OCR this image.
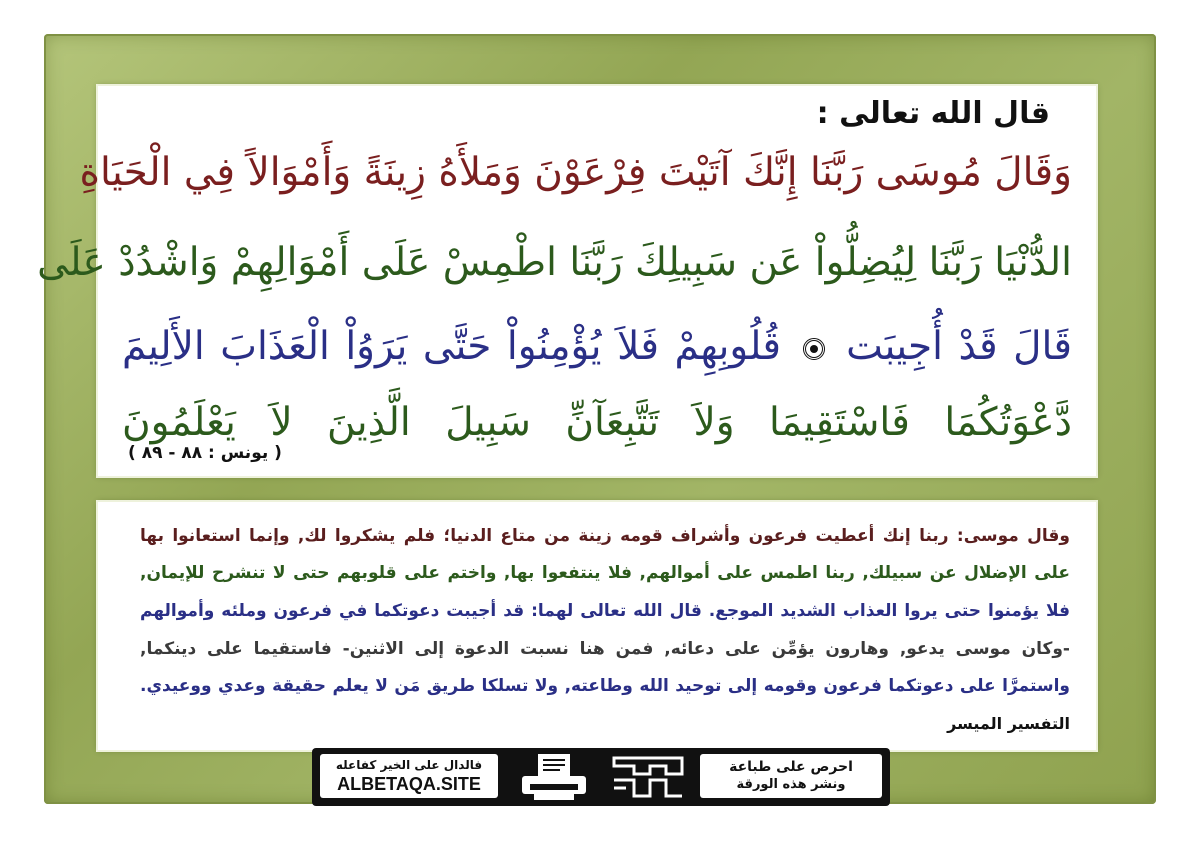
قال الله تعالى :
وَقَالَ مُوسَى رَبَّنَا إِنَّكَ آتَيْتَ فِرْعَوْنَ وَمَلأَهُ زِينَةً وَأَمْوَالاً فِي الْحَيَاةِ
الدُّنْيَا رَبَّنَا لِيُضِلُّواْ عَن سَبِيلِكَ رَبَّنَا اطْمِسْ عَلَى أَمْوَالِهِمْ وَاشْدُدْ عَلَى
قَالَ قَدْ أُجِيبَت  قُلُوبِهِمْ فَلاَ يُؤْمِنُواْ حَتَّى يَرَوُاْ الْعَذَابَ الأَلِيمَ
دَّعْوَتُكُمَا فَاسْتَقِيمَا وَلاَ تَتَّبِعَآنِّ سَبِيلَ الَّذِينَ لاَ يَعْلَمُونَ
( يونس : ٨٨ - ٨٩ )
وقال موسى: ربنا إنك أعطيت فرعون وأشراف قومه زينة من متاع الدنيا؛ فلم يشكروا لك, وإنما استعانوا بها
على الإضلال عن سبيلك, ربنا اطمس على أموالهم, فلا ينتفعوا بها, واختم على قلوبهم حتى لا تنشرح للإيمان,
فلا يؤمنوا حتى يروا العذاب الشديد الموجع. قال الله تعالى لهما: قد أجيبت دعوتكما في فرعون وملئه وأموالهم
-وكان موسى يدعو, وهارون يؤمِّن على دعائه, فمن هنا نسبت الدعوة إلى الاثنين- فاستقيما على دينكما,
واستمرَّا على دعوتكما فرعون وقومه إلى توحيد الله وطاعته, ولا تسلكا طريق مَن لا يعلم حقيقة وعدي ووعيدي.
التفسير الميسر
فالدال على الخير كفاعله
ALBETAQA.SITE
احرص على طباعة
ونشر هذه الورقة
